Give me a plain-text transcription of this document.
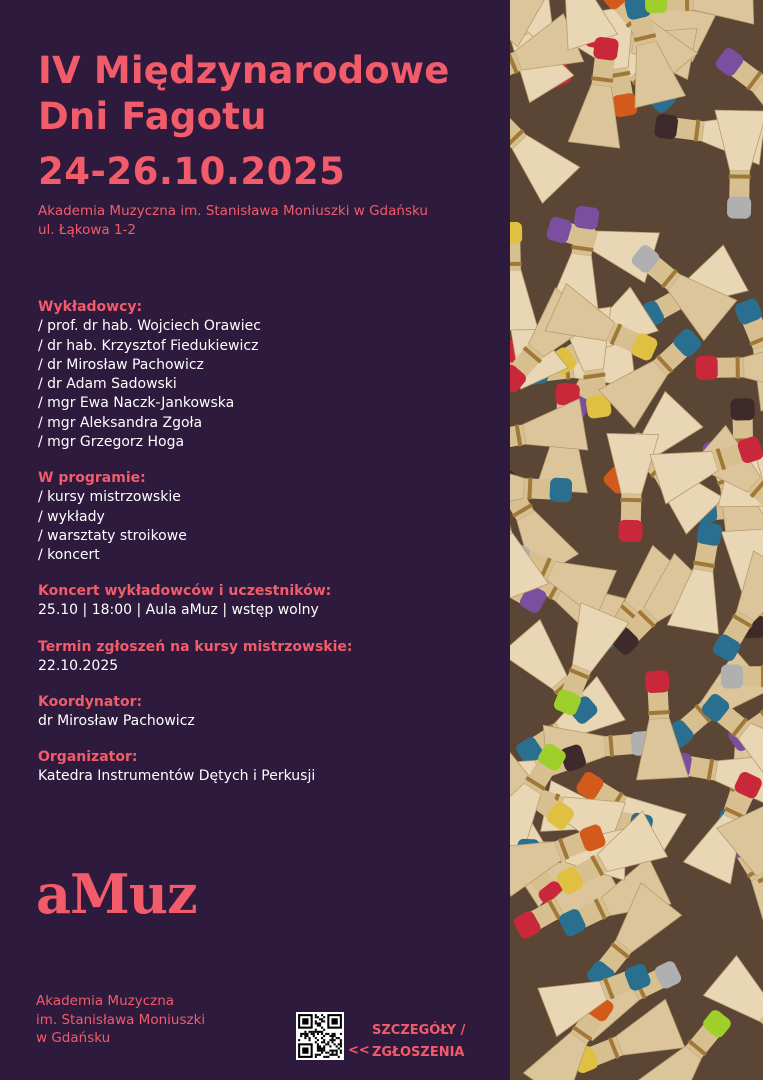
IV Międzynarodowe
Dni Fagotu
24-26.10.2025
Akademia Muzyczna im. Stanisława Moniuszki w Gdańsku
ul. Łąkowa 1-2
Wykładowcy:
/ prof. dr hab. Wojciech Orawiec
/ dr hab. Krzysztof Fiedukiewicz
/ dr Mirosław Pachowicz
/ dr Adam Sadowski
/ mgr Ewa Naczk-Jankowska
/ mgr Aleksandra Zgoła
/ mgr Grzegorz Hoga
W programie:
/ kursy mistrzowskie
/ wykłady
/ warsztaty stroikowe
/ koncert
Koncert wykładowców i uczestników:
25.10 | 18:00 | Aula aMuz | wstęp wolny
Termin zgłoszeń na kursy mistrzowskie:
22.10.2025
Koordynator:
dr Mirosław Pachowicz
Organizator:
Katedra Instrumentów Dętych i Perkusji
aMuz
Akademia Muzyczna
im. Stanisława Moniuszki
w Gdańsku
<<
SZCZEGÓŁY /
ZGŁOSZENIA
